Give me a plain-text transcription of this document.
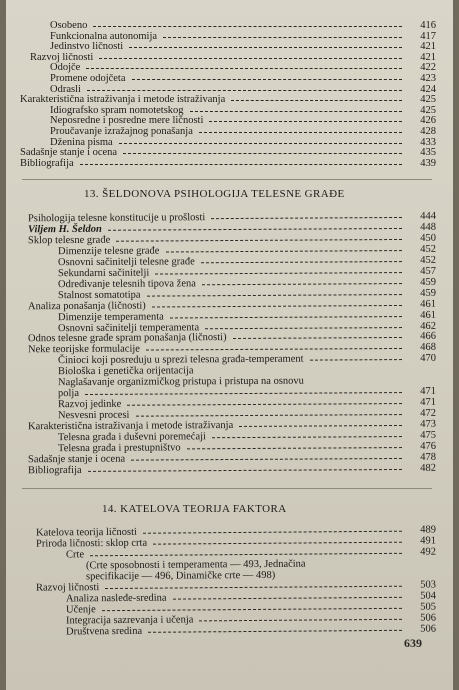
Osobeno	416
Funkcionalna autonomija	417
Jedinstvo ličnosti	421
Razvoj ličnosti	421
Odojče	422
Promene odojčeta	423
Odrasli	424
Karakteristična istraživanja i metode istraživanja	425
Idiografsko spram nomotetskog	425
Neposredne i posredne mere ličnosti	426
Proučavanje izražajnog ponašanja	428
Dženina pisma	433
Sadašnje stanje i ocena	435
Bibliografija	439
13. ŠELDONOVA PSIHOLOGIJA TELESNE GRAĐE
Psihologija telesne konstitucije u prošlosti	444
Viljem H. Šeldon	448
Sklop telesne građe	450
Dimenzije telesne građe	452
Osnovni sačinitelji telesne građe	452
Sekundarni sačinitelji	457
Određivanje telesnih tipova žena	459
Stalnost somatotipa	459
Analiza ponašanja (ličnosti)	461
Dimenzije temperamenta	461
Osnovni sačinitelji temperamenta	462
Odnos telesne građe spram ponašanja (ličnosti)	466
Neke teorijske formulacije	468
Činioci koji posreduju u sprezi telesna građa-temperament	470
Biološka i genetička orijentacija
Naglašavanje organizmičkog pristupa i pristupa na osnovu
polja	471
Razvoj jedinke	471
Nesvesni procesi	472
Karakteristična istraživanja i metode istraživanja	473
Telesna građa i duševni poremećaji	475
Telesna građa i prestupništvo	476
Sadašnje stanje i ocena	478
Bibliografija	482
14. KATELOVA TEORIJA FAKTORA
Katelova teorija ličnosti	489
Priroda ličnosti: sklop crta	491
Crte	492
(Crte sposobnosti i temperamenta — 493, Jednačina
specifikacije — 496, Dinamičke crte — 498)
Razvoj ličnosti	503
Analiza nasleđe-sredina	504
Učenje	505
Integracija sazrevanja i učenja	506
Društvena sredina	506
639
